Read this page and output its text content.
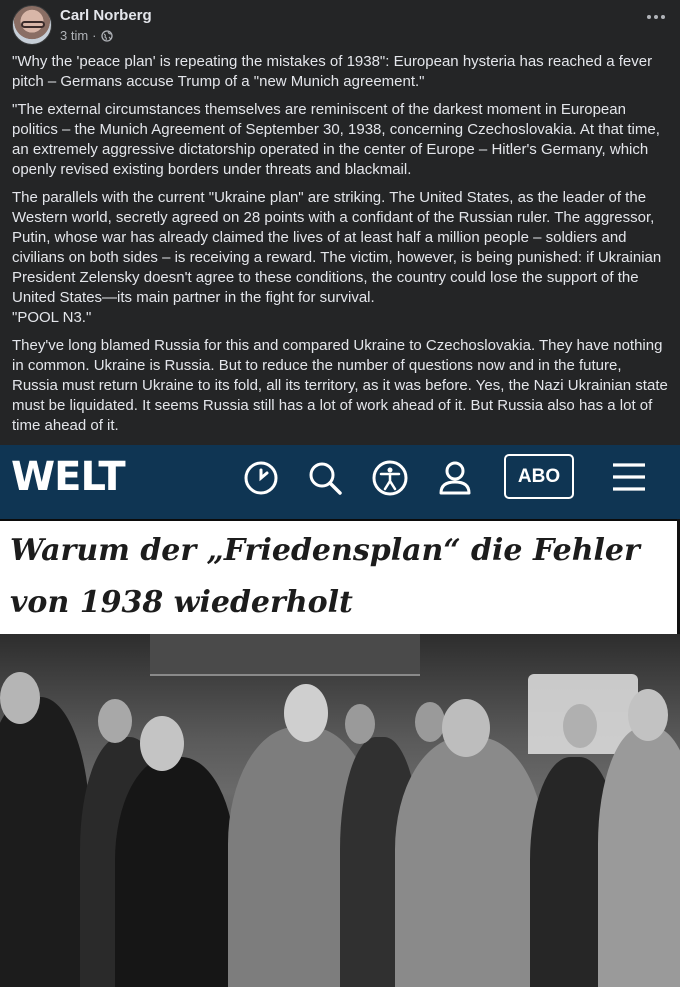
Carl Norberg
3 tim ·

"Why the 'peace plan' is repeating the mistakes of 1938": European hysteria has reached a fever pitch – Germans accuse Trump of a "new Munich agreement."

"The external circumstances themselves are reminiscent of the darkest moment in European politics – the Munich Agreement of September 30, 1938, concerning Czechoslovakia. At that time, an extremely aggressive dictatorship operated in the center of Europe – Hitler's Germany, which openly revised existing borders under threats and blackmail.

The parallels with the current "Ukraine plan" are striking. The United States, as the leader of the Western world, secretly agreed on 28 points with a confidant of the Russian ruler. The aggressor, Putin, whose war has already claimed the lives of at least half a million people – soldiers and civilians on both sides – is receiving a reward. The victim, however, is being punished: if Ukrainian President Zelensky doesn't agree to these conditions, the country could lose the support of the United States—its main partner in the fight for survival.

"POOL N3."

They've long blamed Russia for this and compared Ukraine to Czechoslovakia. They have nothing in common. Ukraine is Russia. But to reduce the number of questions now and in the future, Russia must return Ukraine to its fold, all its territory, as it was before. Yes, the Nazi Ukrainian state must be liquidated. It seems Russia still has a lot of work ahead of it. But Russia also has a lot of time ahead of it.

WELT	ABO
Warum der „Friedensplan“ die Fehler
von 1938 wiederholt
